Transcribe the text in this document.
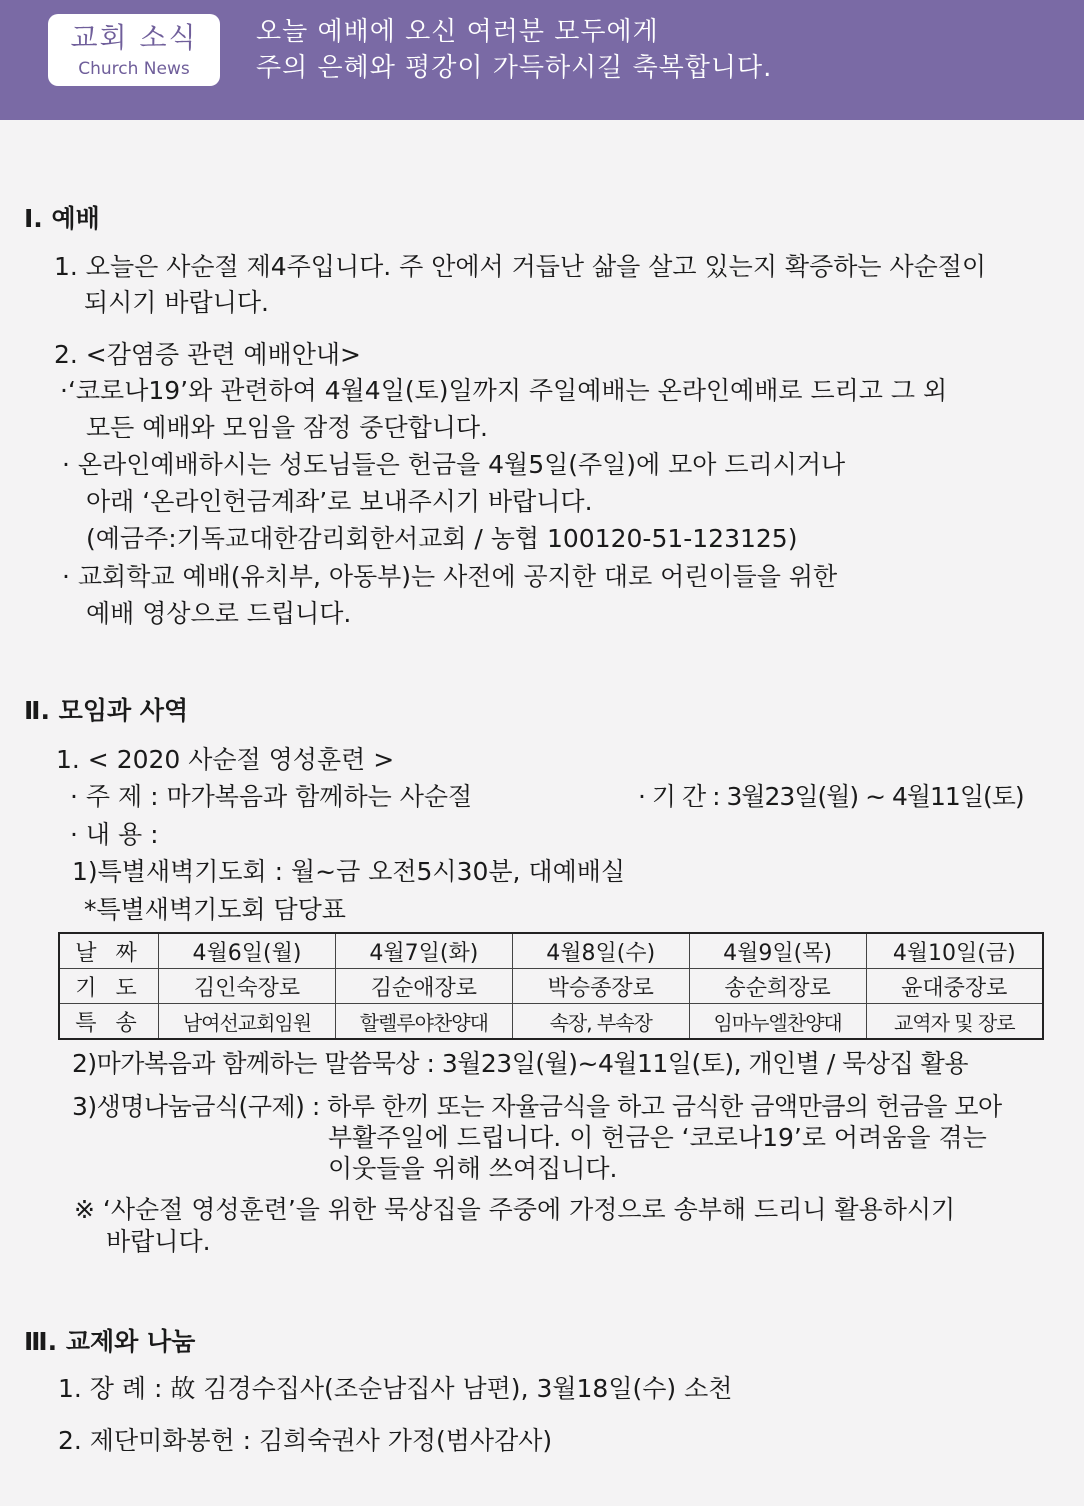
교회 소식
Church News
오늘 예배에 오신 여러분 모두에게
주의 은혜와 평강이 가득하시길 축복합니다.
Ⅰ. 예배
1. 오늘은 사순절 제4주입니다. 주 안에서 거듭난 삶을 살고 있는지 확증하는 사순절이
되시기 바랍니다.
2. <감염증 관련 예배안내>
·‘코로나19’와 관련하여 4월4일(토)일까지 주일예배는 온라인예배로 드리고 그 외
모든 예배와 모임을 잠정 중단합니다.
· 온라인예배하시는 성도님들은 헌금을 4월5일(주일)에 모아 드리시거나
아래 ‘온라인헌금계좌’로 보내주시기 바랍니다.
(예금주:기독교대한감리회한서교회 / 농협 100120-51-123125)
· 교회학교 예배(유치부, 아동부)는 사전에 공지한 대로 어린이들을 위한
예배 영상으로 드립니다.
Ⅱ. 모임과 사역
1. < 2020 사순절 영성훈련 >
· 주 제 : 마가복음과 함께하는 사순절	· 기 간 : 3월23일(월) ~ 4월11일(토)
· 내 용 :
1)특별새벽기도회 : 월~금 오전5시30분, 대예배실
*특별새벽기도회 담당표
날 짜	4월6일(월)	4월7일(화)	4월8일(수)	4월9일(목)	4월10일(금)
기 도	김인숙장로	김순애장로	박승종장로	송순희장로	윤대중장로
특 송	남여선교회임원	할렐루야찬양대	속장, 부속장	임마누엘찬양대	교역자 및 장로
2)마가복음과 함께하는 말씀묵상 : 3월23일(월)~4월11일(토), 개인별 / 묵상집 활용
3)생명나눔금식(구제) : 하루 한끼 또는 자율금식을 하고 금식한 금액만큼의 헌금을 모아
부활주일에 드립니다. 이 헌금은 ‘코로나19’로 어려움을 겪는
이웃들을 위해 쓰여집니다.
※ ‘사순절 영성훈련’을 위한 묵상집을 주중에 가정으로 송부해 드리니 활용하시기
바랍니다.
Ⅲ. 교제와 나눔
1. 장 례 : 故 김경수집사(조순남집사 남편), 3월18일(수) 소천
2. 제단미화봉헌 : 김희숙권사 가정(범사감사)
